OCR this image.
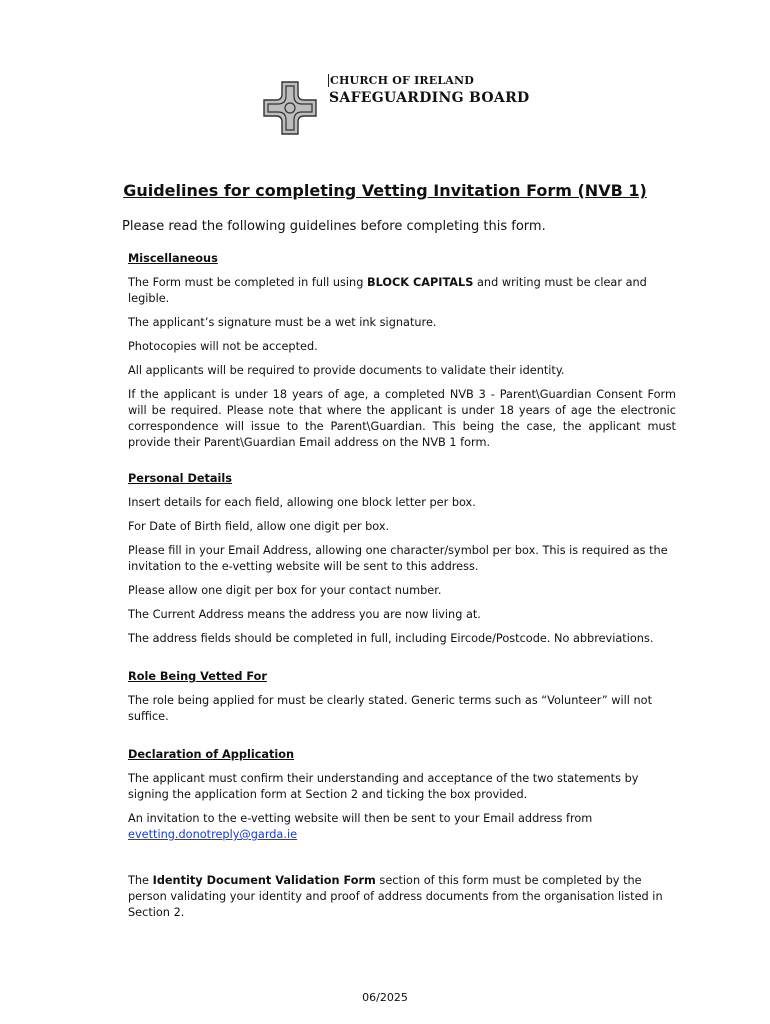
CHURCH OF IRELAND
SAFEGUARDING BOARD
Guidelines for completing Vetting Invitation Form (NVB 1)
Please read the following guidelines before completing this form.

Miscellaneous

The Form must be completed in full using BLOCK CAPITALS and writing must be clear and legible.

The applicant’s signature must be a wet ink signature.

Photocopies will not be accepted.

All applicants will be required to provide documents to validate their identity.

If the applicant is under 18 years of age, a completed NVB 3 - Parent\Guardian Consent Form will be required. Please note that where the applicant is under 18 years of age the electronic correspondence will issue to the Parent\Guardian. This being the case, the applicant must provide their Parent\Guardian Email address on the NVB 1 form.

Personal Details

Insert details for each field, allowing one block letter per box.

For Date of Birth field, allow one digit per box.

Please fill in your Email Address, allowing one character/symbol per box. This is required as the invitation to the e-vetting website will be sent to this address.

Please allow one digit per box for your contact number.

The Current Address means the address you are now living at.

The address fields should be completed in full, including Eircode/Postcode. No abbreviations.

Role Being Vetted For

The role being applied for must be clearly stated. Generic terms such as “Volunteer” will not suffice.

Declaration of Application

The applicant must confirm their understanding and acceptance of the two statements by signing the application form at Section 2 and ticking the box provided.

An invitation to the e-vetting website will then be sent to your Email address from
evetting.donotreply@garda.ie

The Identity Document Validation Form section of this form must be completed by the person validating your identity and proof of address documents from the organisation listed in Section 2.

06/2025
